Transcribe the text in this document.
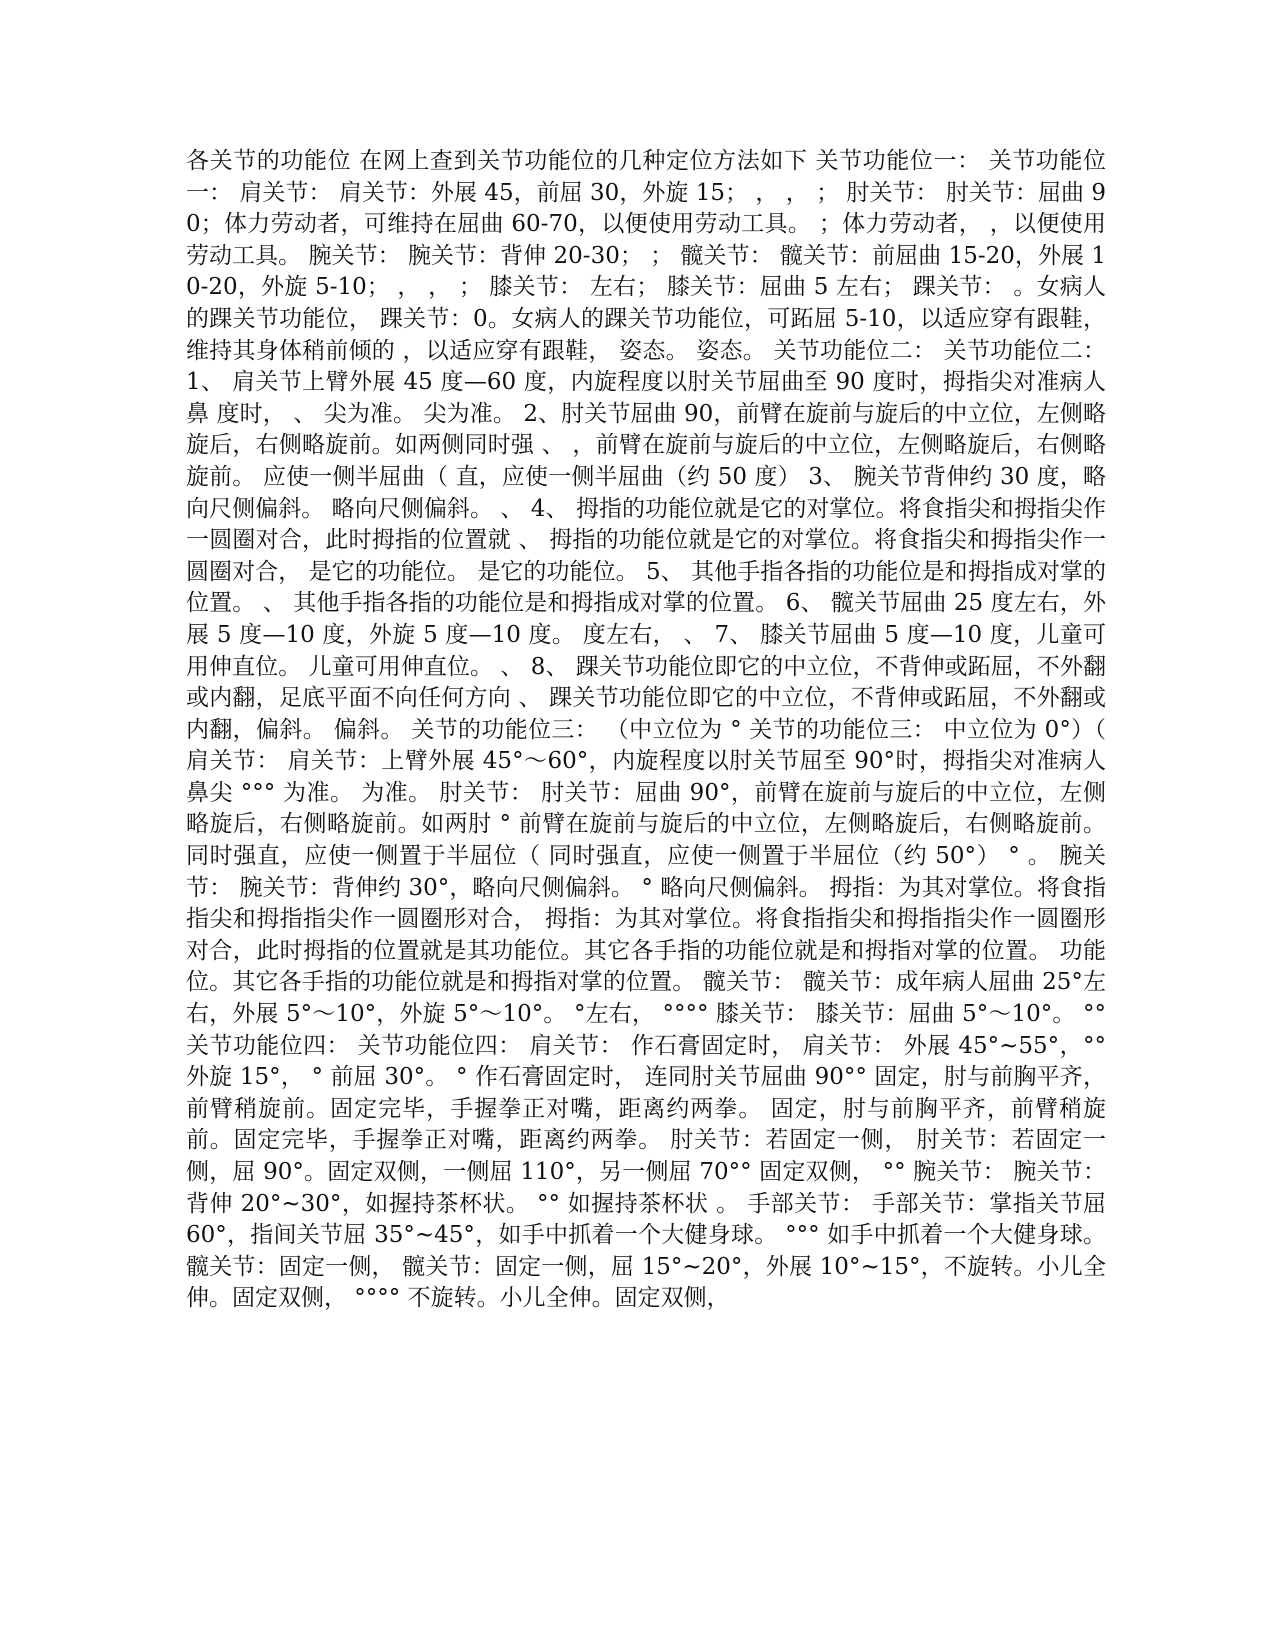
各关节的功能位 在网上查到关节功能位的几种定位方法如下 关节功能位一： 关节功能位一： 肩关节： 肩关节：外展 45，前屈 30，外旋 15； ， ， ； 肘关节： 肘关节：屈曲 90；体力劳动者，可维持在屈曲 60-70，以便使用劳动工具。 ；体力劳动者， ，以便使用劳动工具。 腕关节： 腕关节：背伸 20-30； ； 髋关节： 髋关节：前屈曲 15-20，外展 10-20，外旋 5-10； ， ， ； 膝关节： 左右； 膝关节：屈曲 5 左右； 踝关节： 。女病人的踝关节功能位， 踝关节：0。女病人的踝关节功能位，可跖屈 5-10，以适应穿有跟鞋，维持其身体稍前倾的 ，以适应穿有跟鞋， 姿态。 姿态。 关节功能位二： 关节功能位二： 1、 肩关节上臂外展 45 度—60 度，内旋程度以肘关节屈曲至 90 度时，拇指尖对准病人鼻 度时， 、 尖为准。 尖为准。 2、肘关节屈曲 90，前臂在旋前与旋后的中立位，左侧略旋后，右侧略旋前。如两侧同时强 、 ，前臂在旋前与旋后的中立位，左侧略旋后，右侧略旋前。 应使一侧半屈曲（ 直，应使一侧半屈曲（约 50 度） 3、 腕关节背伸约 30 度，略向尺侧偏斜。 略向尺侧偏斜。 、 4、 拇指的功能位就是它的对掌位。将食指尖和拇指尖作一圆圈对合，此时拇指的位置就 、 拇指的功能位就是它的对掌位。将食指尖和拇指尖作一圆圈对合， 是它的功能位。 是它的功能位。 5、 其他手指各指的功能位是和拇指成对掌的位置。 、 其他手指各指的功能位是和拇指成对掌的位置。 6、 髋关节屈曲 25 度左右，外展 5 度—10 度，外旋 5 度—10 度。 度左右， 、 7、 膝关节屈曲 5 度—10 度，儿童可用伸直位。 儿童可用伸直位。 、 8、 踝关节功能位即它的中立位，不背伸或跖屈，不外翻或内翻，足底平面不向任何方向 、 踝关节功能位即它的中立位，不背伸或跖屈，不外翻或内翻，偏斜。 偏斜。 关节的功能位三： （中立位为 ° 关节的功能位三： 中立位为 0°）（ 肩关节： 肩关节：上臂外展 45°～60°，内旋程度以肘关节屈至 90°时，拇指尖对准病人鼻尖 °°° 为准。 为准。 肘关节： 肘关节：屈曲 90°，前臂在旋前与旋后的中立位，左侧略旋后，右侧略旋前。如两肘 ° 前臂在旋前与旋后的中立位，左侧略旋后，右侧略旋前。 同时强直，应使一侧置于半屈位（ 同时强直，应使一侧置于半屈位（约 50°） ° 。 腕关节： 腕关节：背伸约 30°，略向尺侧偏斜。 ° 略向尺侧偏斜。 拇指：为其对掌位。将食指指尖和拇指指尖作一圆圈形对合， 拇指：为其对掌位。将食指指尖和拇指指尖作一圆圈形对合，此时拇指的位置就是其功能位。其它各手指的功能位就是和拇指对掌的位置。 功能位。其它各手指的功能位就是和拇指对掌的位置。 髋关节： 髋关节：成年病人屈曲 25°左右，外展 5°～10°，外旋 5°～10°。 °左右， °°°° 膝关节： 膝关节：屈曲 5°～10°。 °° 关节功能位四： 关节功能位四： 肩关节： 作石膏固定时， 肩关节： 外展 45°~55°，°° 外旋 15°， ° 前屈 30°。 ° 作石膏固定时， 连同肘关节屈曲 90°° 固定，肘与前胸平齐，前臂稍旋前。固定完毕，手握拳正对嘴，距离约两拳。 固定，肘与前胸平齐，前臂稍旋前。固定完毕，手握拳正对嘴，距离约两拳。 肘关节：若固定一侧， 肘关节：若固定一侧，屈 90°。固定双侧，一侧屈 110°，另一侧屈 70°° 固定双侧， °° 腕关节： 腕关节：背伸 20°~30°，如握持茶杯状。 °° 如握持茶杯状 。 手部关节： 手部关节：掌指关节屈 60°，指间关节屈 35°~45°，如手中抓着一个大健身球。 °°° 如手中抓着一个大健身球。 髋关节：固定一侧， 髋关节：固定一侧，屈 15°~20°，外展 10°~15°，不旋转。小儿全伸。固定双侧， °°°° 不旋转。小儿全伸。固定双侧，
